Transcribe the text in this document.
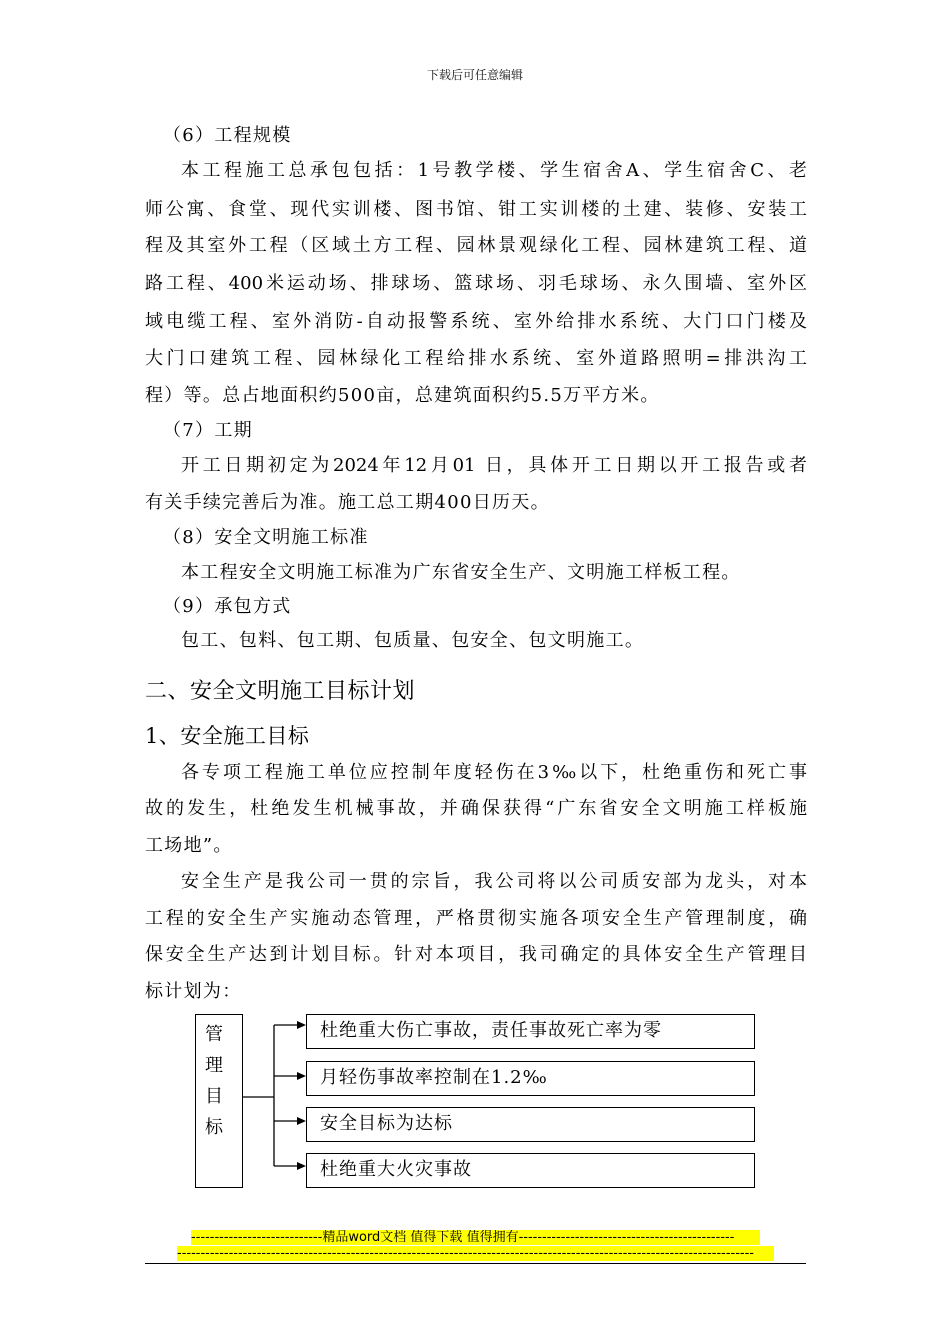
下载后可任意编辑
（6）工程规模
本工程施工总承包包括：1号教学楼、学生宿舍A、学生宿舍C、老
师公寓、食堂、现代实训楼、图书馆、钳工实训楼的土建、装修、安装工
程及其室外工程（区域土方工程、园林景观绿化工程、园林建筑工程、道
路工程、400米运动场、排球场、篮球场、羽毛球场、永久围墙、室外区
域电缆工程、室外消防-自动报警系统、室外给排水系统、大门口门楼及
大门口建筑工程、园林绿化工程给排水系统、室外道路照明=排洪沟工
程）等。总占地面积约500亩，总建筑面积约5.5万平方米。
（7）工期
开工日期初定为2024年12月01 日，具体开工日期以开工报告或者
有关手续完善后为准。施工总工期400日历天。
（8）安全文明施工标准
本工程安全文明施工标准为广东省安全生产、文明施工样板工程。
（9）承包方式
包工、包料、包工期、包质量、包安全、包文明施工。
二、安全文明施工目标计划
1、安全施工目标
各专项工程施工单位应控制年度轻伤在3‰以下，杜绝重伤和死亡事
故的发生，杜绝发生机械事故，并确保获得“广东省安全文明施工样板施
工场地”。
安全生产是我公司一贯的宗旨，我公司将以公司质安部为龙头，对本
工程的安全生产实施动态管理，严格贯彻实施各项安全生产管理制度，确
保安全生产达到计划目标。针对本项目，我司确定的具体安全生产管理目
标计划为：
管
理
目
标
杜绝重大伤亡事故，责任事故死亡率为零
月轻伤事故率控制在1.2‰
安全目标为达标
杜绝重大火灾事故
----------------------------精品word文档 值得下载 值得拥有----------------------------------------------
---------------------------------------------------------------------------------------------------------------------------
